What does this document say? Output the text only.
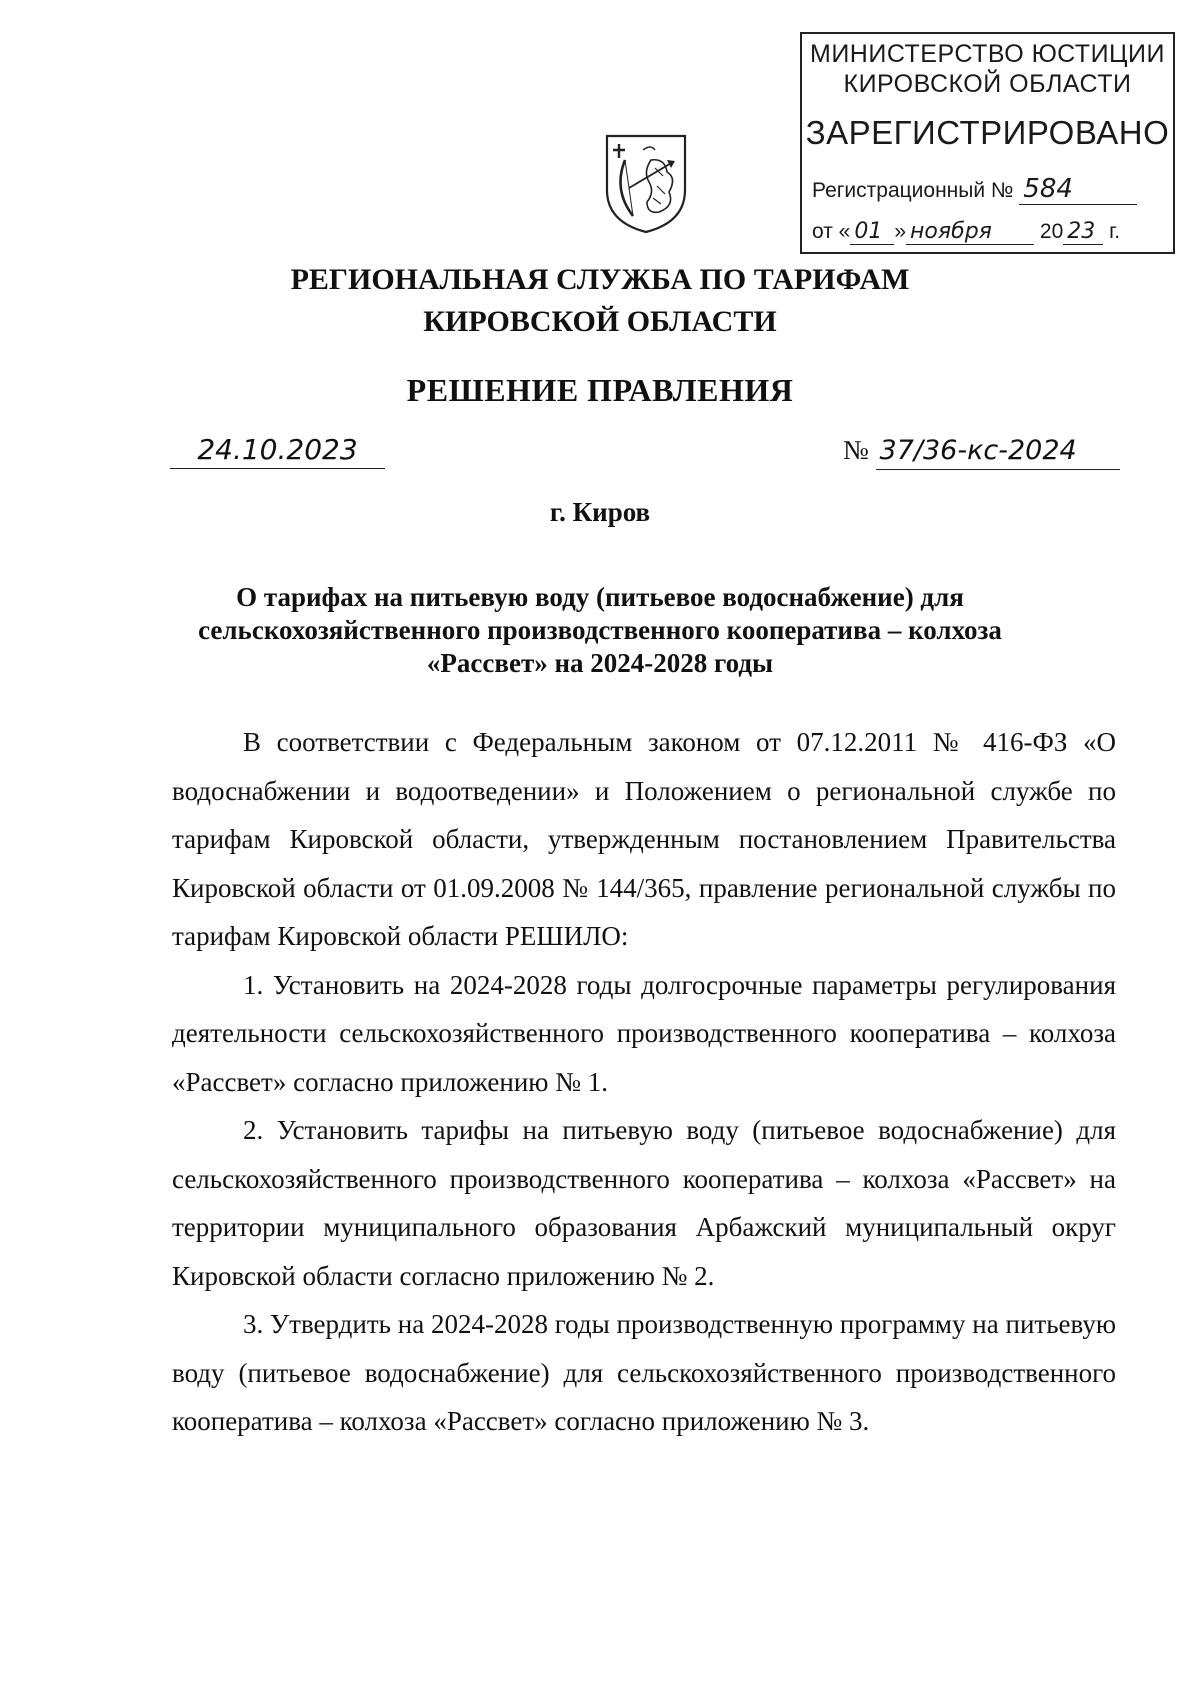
МИНИСТЕРСТВО ЮСТИЦИИ
КИРОВСКОЙ ОБЛАСТИ
ЗАРЕГИСТРИРОВАНО
Регистрационный № 584
от « 01 » ноября 20 23 г.
РЕГИОНАЛЬНАЯ СЛУЖБА ПО ТАРИФАМ
КИРОВСКОЙ ОБЛАСТИ
РЕШЕНИЕ ПРАВЛЕНИЯ
24.10.2023	№ 37/36-кс-2024
г. Киров
О тарифах на питьевую воду (питьевое водоснабжение) для
сельскохозяйственного производственного кооператива – колхоза
«Рассвет» на 2024-2028 годы

В соответствии с Федеральным законом от 07.12.2011 № 416-ФЗ «О водоснабжении и водоотведении» и Положением о региональной службе по тарифам Кировской области, утвержденным постановлением Правительства Кировской области от 01.09.2008 № 144/365, правление региональной службы по тарифам Кировской области РЕШИЛО:

1. Установить на 2024-2028 годы долгосрочные параметры регулирования деятельности сельскохозяйственного производственного кооператива – колхоза «Рассвет» согласно приложению № 1.

2. Установить тарифы на питьевую воду (питьевое водоснабжение) для сельскохозяйственного производственного кооператива – колхоза «Рассвет» на территории муниципального образования Арбажский муниципальный округ Кировской области согласно приложению № 2.

3. Утвердить на 2024-2028 годы производственную программу на питьевую воду (питьевое водоснабжение) для сельскохозяйственного производственного кооператива – колхоза «Рассвет» согласно приложению № 3.
